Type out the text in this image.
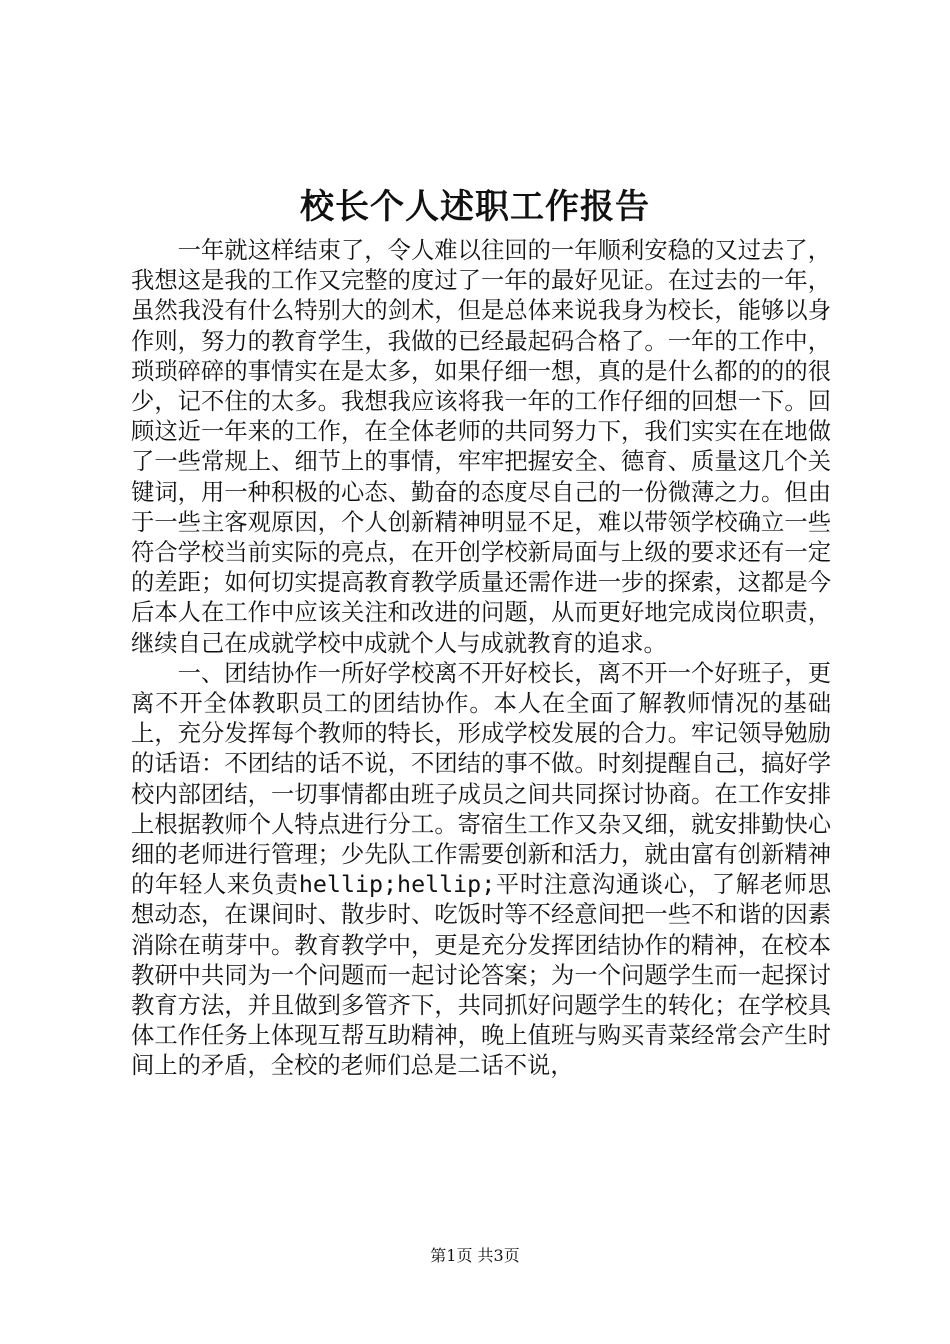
校长个人述职工作报告

一年就这样结束了，令人难以往回的一年顺利安稳的又过去了，我想这是我的工作又完整的度过了一年的最好见证。在过去的一年，虽然我没有什么特别大的剑术，但是总体来说我身为校长，能够以身作则，努力的教育学生，我做的已经最起码合格了。一年的工作中，琐琐碎碎的事情实在是太多，如果仔细一想，真的是什么都的的的很少，记不住的太多。我想我应该将我一年的工作仔细的回想一下。回顾这近一年来的工作，在全体老师的共同努力下，我们实实在在地做了一些常规上、细节上的事情，牢牢把握安全、德育、质量这几个关键词，用一种积极的心态、勤奋的态度尽自己的一份微薄之力。但由于一些主客观原因，个人创新精神明显不足，难以带领学校确立一些符合学校当前实际的亮点，在开创学校新局面与上级的要求还有一定的差距；如何切实提高教育教学质量还需作进一步的探索，这都是今后本人在工作中应该关注和改进的问题，从而更好地完成岗位职责，继续自己在成就学校中成就个人与成就教育的追求。

一、团结协作一所好学校离不开好校长，离不开一个好班子，更离不开全体教职员工的团结协作。本人在全面了解教师情况的基础上，充分发挥每个教师的特长，形成学校发展的合力。牢记领导勉励的话语：不团结的话不说，不团结的事不做。时刻提醒自己，搞好学校内部团结，一切事情都由班子成员之间共同探讨协商。在工作安排上根据教师个人特点进行分工。寄宿生工作又杂又细，就安排勤快心细的老师进行管理；少先队工作需要创新和活力，就由富有创新精神的年轻人来负责hellip;hellip;平时注意沟通谈心，了解老师思想动态，在课间时、散步时、吃饭时等不经意间把一些不和谐的因素消除在萌芽中。教育教学中，更是充分发挥团结协作的精神，在校本教研中共同为一个问题而一起讨论答案；为一个问题学生而一起探讨教育方法，并且做到多管齐下，共同抓好问题学生的转化；在学校具体工作任务上体现互帮互助精神，晚上值班与购买青菜经常会产生时间上的矛盾，全校的老师们总是二话不说，

第1页 共3页
